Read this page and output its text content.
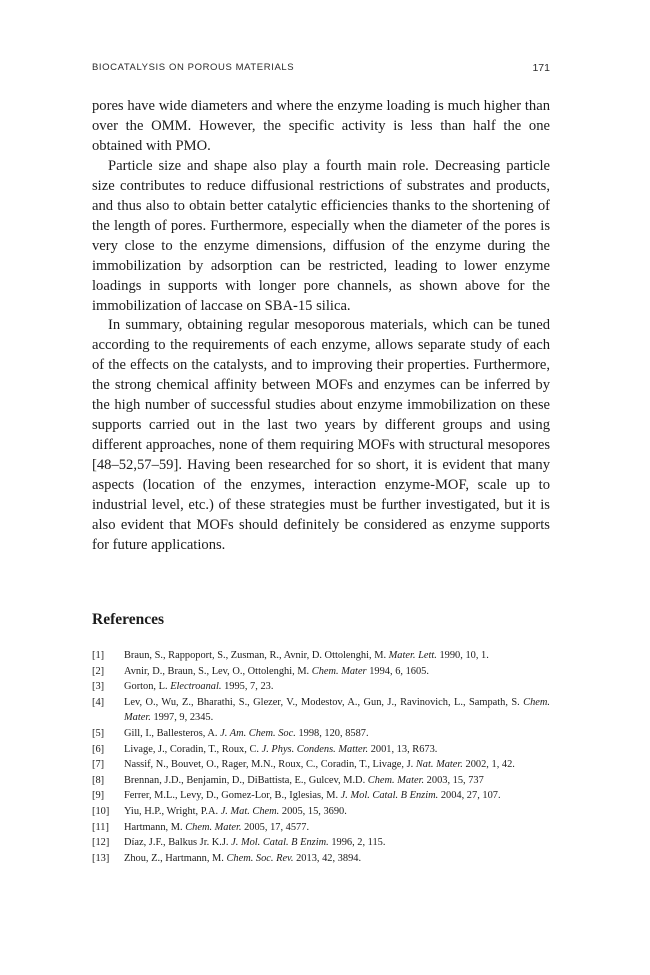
BIOCATALYSIS ON POROUS MATERIALS	171

pores have wide diameters and where the enzyme loading is much higher than over the OMM. However, the specific activity is less than half the one obtained with PMO.

Particle size and shape also play a fourth main role. Decreasing particle size contributes to reduce diffusional restrictions of substrates and products, and thus also to obtain better catalytic efficiencies thanks to the shortening of the length of pores. Furthermore, especially when the diameter of the pores is very close to the enzyme dimensions, diffusion of the enzyme during the immobilization by adsorption can be restricted, leading to lower enzyme loadings in supports with longer pore channels, as shown above for the immobilization of laccase on SBA-15 silica.

In summary, obtaining regular mesoporous materials, which can be tuned according to the requirements of each enzyme, allows separate study of each of the effects on the catalysts, and to improving their properties. Furthermore, the strong chemical affinity between MOFs and enzymes can be inferred by the high number of successful studies about enzyme immobilization on these supports carried out in the last two years by different groups and using different approaches, none of them requiring MOFs with structural mesopores [48–52,57–59]. Having been researched for so short, it is evident that many aspects (location of the enzymes, interaction enzyme-MOF, scale up to industrial level, etc.) of these strategies must be further investigated, but it is also evident that MOFs should definitely be considered as enzyme supports for future applications.

References
[1] Braun, S., Rappoport, S., Zusman, R., Avnir, D. Ottolenghi, M. Mater. Lett. 1990, 10, 1.
[2] Avnir, D., Braun, S., Lev, O., Ottolenghi, M. Chem. Mater 1994, 6, 1605.
[3] Gorton, L. Electroanal. 1995, 7, 23.
[4] Lev, O., Wu, Z., Bharathi, S., Glezer, V., Modestov, A., Gun, J., Ravinovich, L., Sampath, S. Chem. Mater. 1997, 9, 2345.
[5] Gill, I., Ballesteros, A. J. Am. Chem. Soc. 1998, 120, 8587.
[6] Livage, J., Coradin, T., Roux, C. J. Phys. Condens. Matter. 2001, 13, R673.
[7] Nassif, N., Bouvet, O., Rager, M.N., Roux, C., Coradin, T., Livage, J. Nat. Mater. 2002, 1, 42.
[8] Brennan, J.D., Benjamin, D., DiBattista, E., Gulcev, M.D. Chem. Mater. 2003, 15, 737
[9] Ferrer, M.L., Levy, D., Gomez-Lor, B., Iglesias, M. J. Mol. Catal. B Enzim. 2004, 27, 107.
[10] Yiu, H.P., Wright, P.A. J. Mat. Chem. 2005, 15, 3690.
[11] Hartmann, M. Chem. Mater. 2005, 17, 4577.
[12] Díaz, J.F., Balkus Jr. K.J. J. Mol. Catal. B Enzim. 1996, 2, 115.
[13] Zhou, Z., Hartmann, M. Chem. Soc. Rev. 2013, 42, 3894.
